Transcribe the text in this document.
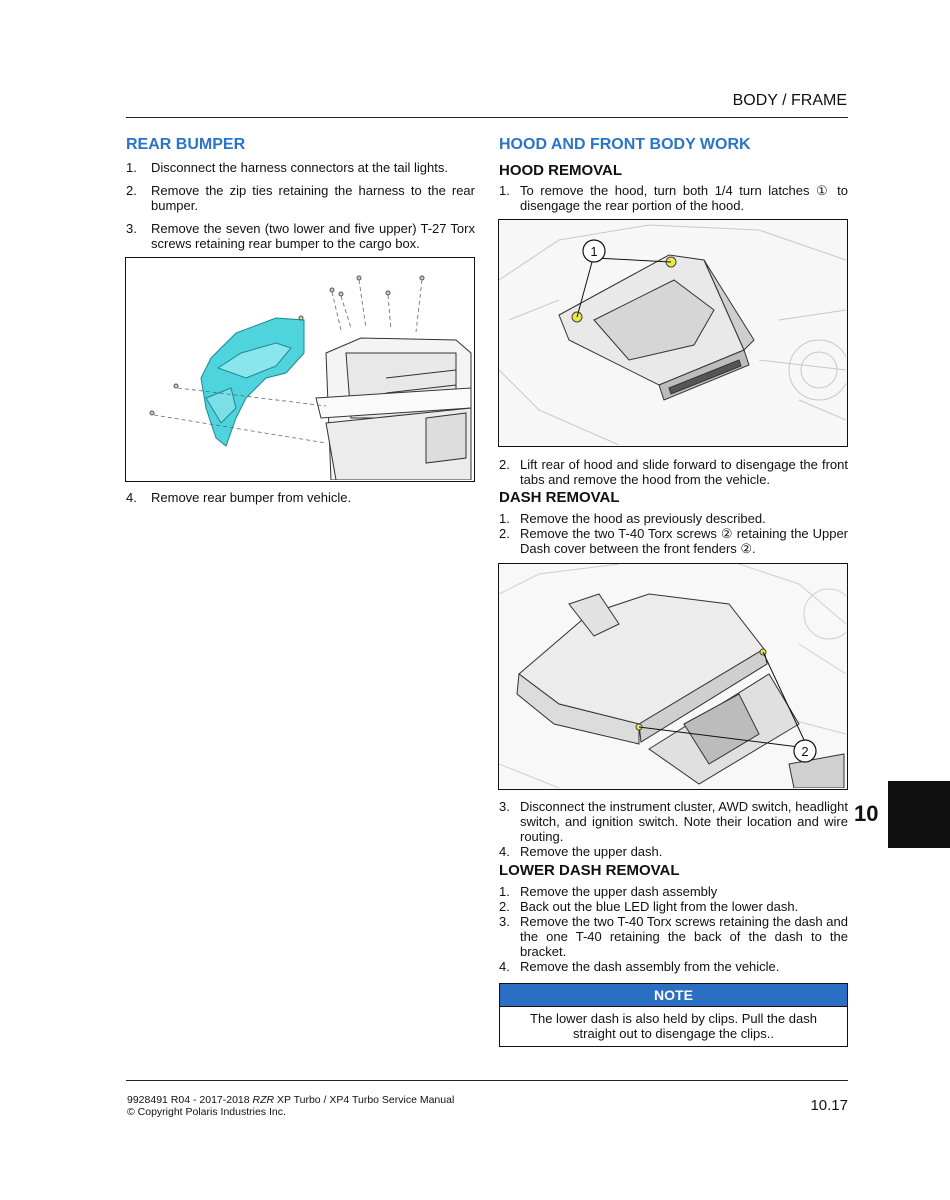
BODY / FRAME
REAR BUMPER
1. Disconnect the harness connectors at the tail lights.
2. Remove the zip ties retaining the harness to the rear bumper.
3. Remove the seven (two lower and five upper) T-27 Torx screws retaining rear bumper to the cargo box.
4. Remove rear bumper from vehicle.
HOOD AND FRONT BODY WORK
HOOD REMOVAL
1. To remove the hood, turn both 1/4 turn latches ① to disengage the rear portion of the hood.
1
2. Lift rear of hood and slide forward to disengage the front tabs and remove the hood from the vehicle.
DASH REMOVAL
1. Remove the hood as previously described.
2. Remove the two T-40 Torx screws ② retaining the Upper Dash cover between the front fenders ②.
2
3. Disconnect the instrument cluster, AWD switch, headlight switch, and ignition switch. Note their location and wire routing.
4. Remove the upper dash.
LOWER DASH REMOVAL
1. Remove the upper dash assembly
2. Back out the blue LED light from the lower dash.
3. Remove the two T-40 Torx screws retaining the dash and the one T-40 retaining the back of the dash to the bracket.
4. Remove the dash assembly from the vehicle.
NOTE
The lower dash is also held by clips. Pull the dash straight out to disengage the clips..
10
9928491 R04 - 2017-2018 RZR XP Turbo / XP4 Turbo Service Manual
© Copyright Polaris Industries Inc.	10.17
